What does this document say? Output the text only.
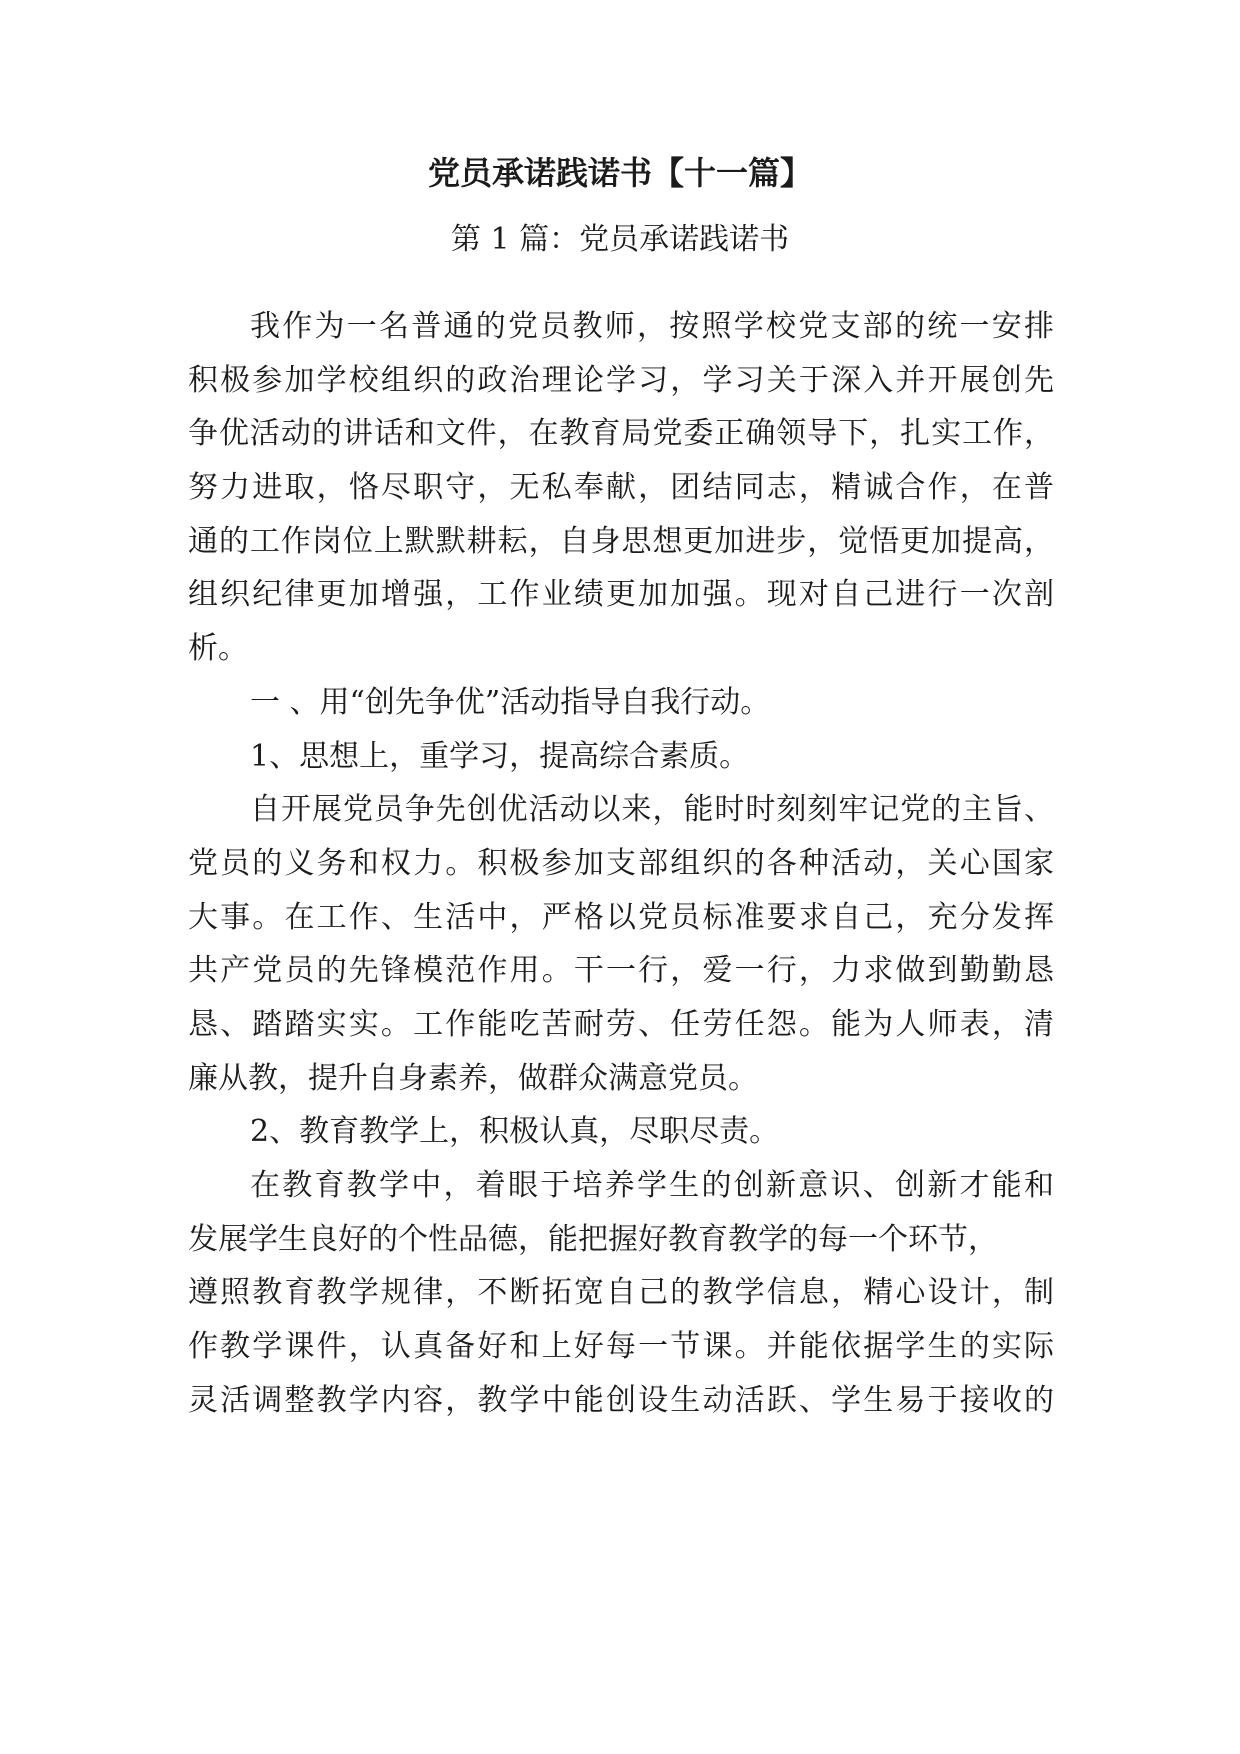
党员承诺践诺书【十一篇】
第 1 篇：党员承诺践诺书
我作为一名普通的党员教师，按照学校党支部的统一安排
积极参加学校组织的政治理论学习，学习关于深入并开展创先
争优活动的讲话和文件，在教育局党委正确领导下，扎实工作，
努力进取，恪尽职守，无私奉献，团结同志，精诚合作，在普
通的工作岗位上默默耕耘，自身思想更加进步，觉悟更加提高，
组织纪律更加增强，工作业绩更加加强。现对自己进行一次剖
析。
一 、用“创先争优”活动指导自我行动。
1、思想上，重学习，提高综合素质。
自开展党员争先创优活动以来，能时时刻刻牢记党的主旨、
党员的义务和权力。积极参加支部组织的各种活动，关心国家
大事。在工作、生活中，严格以党员标准要求自己，充分发挥
共产党员的先锋模范作用。干一行，爱一行，力求做到勤勤恳
恳、踏踏实实。工作能吃苦耐劳、任劳任怨。能为人师表，清
廉从教，提升自身素养，做群众满意党员。
2、教育教学上，积极认真，尽职尽责。
在教育教学中，着眼于培养学生的创新意识、创新才能和
发展学生良好的个性品德，能把握好教育教学的每一个环节，
遵照教育教学规律，不断拓宽自己的教学信息，精心设计，制
作教学课件，认真备好和上好每一节课。并能依据学生的实际
灵活调整教学内容，教学中能创设生动活跃、学生易于接收的
